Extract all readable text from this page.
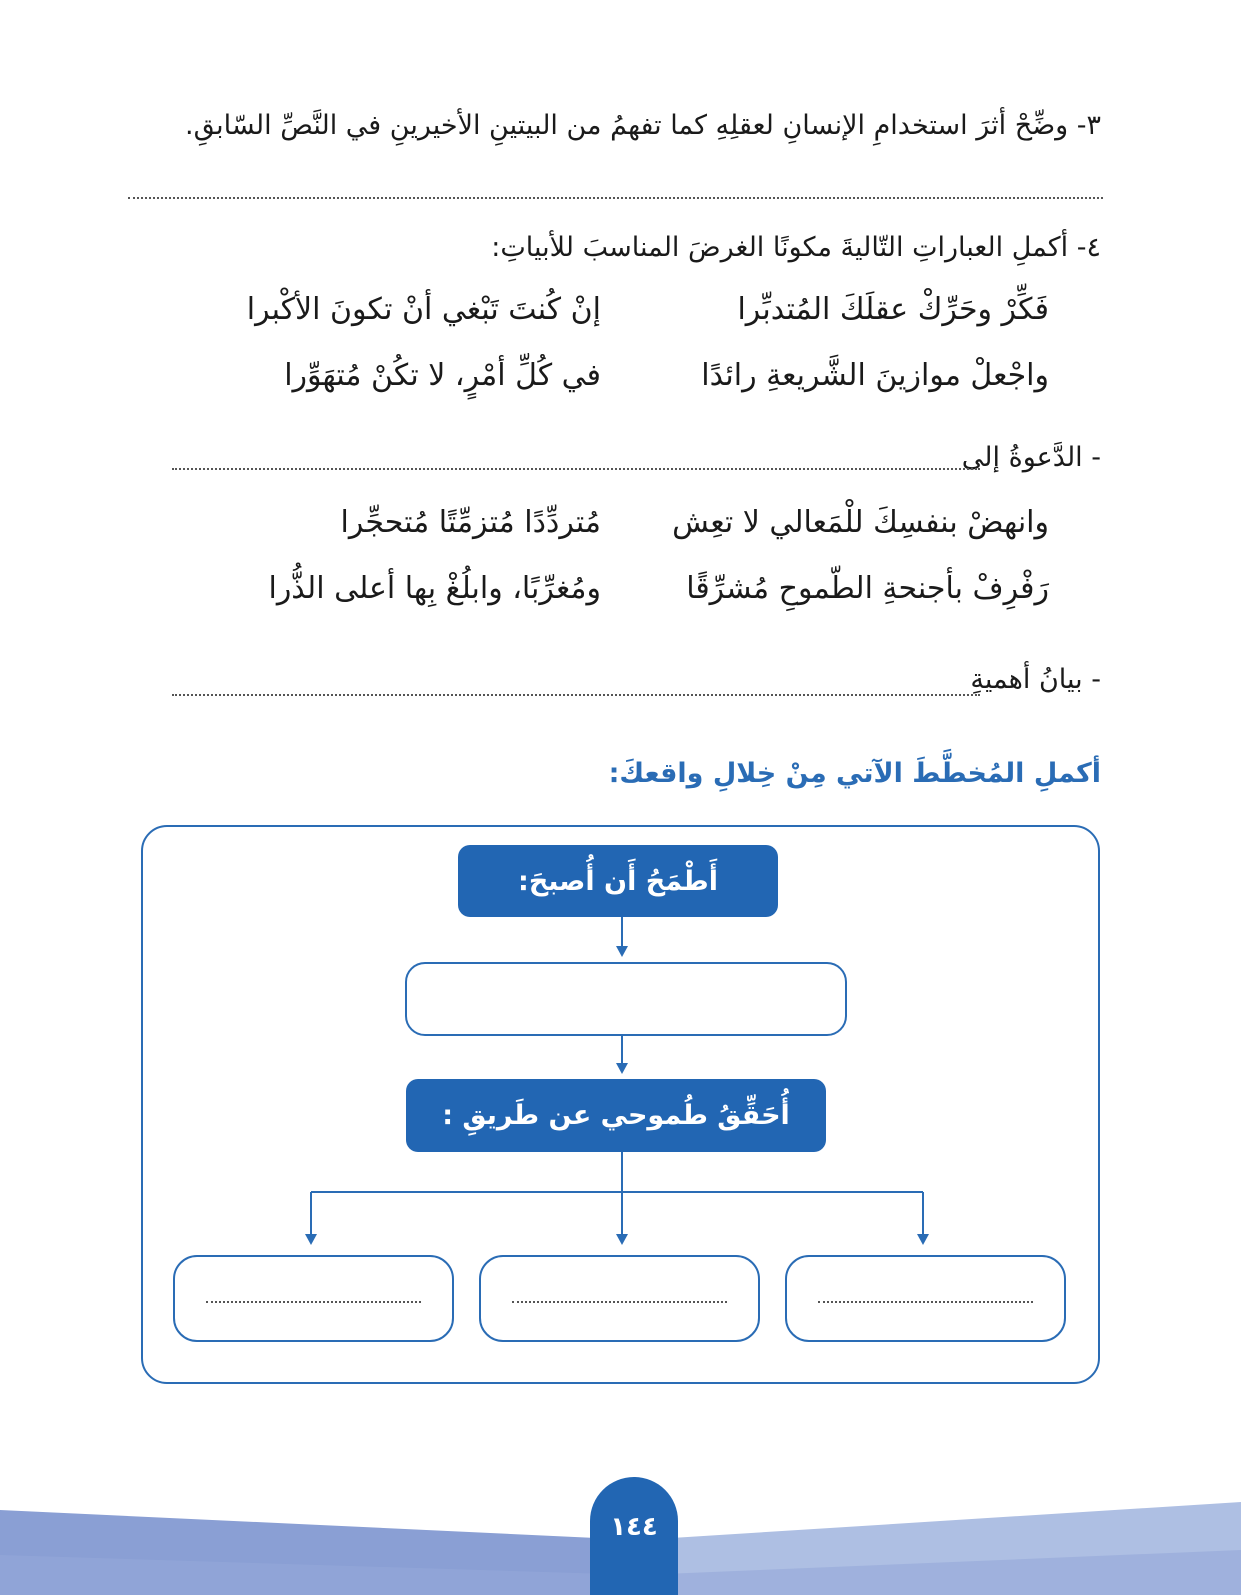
٣- وضِّحْ أثرَ استخدامِ الإنسانِ لعقلِهِ كما تفهمُ من البيتينِ الأخيرينِ في النَّصِّ السّابقِ.
٤- أكملِ العباراتِ التّاليةَ مكونًا الغرضَ المناسبَ للأبياتِ:
فَكِّرْ وحَرِّكْ عقلَكَ المُتدبِّرا
إنْ كُنتَ تَبْغي أنْ تكونَ الأكْبرا
واجْعلْ موازينَ الشَّريعةِ رائدًا
في كُلِّ أمْرٍ، لا تكُنْ مُتهَوِّرا
- الدَّعوةُ إلى
وانهضْ بنفسِكَ للْمَعالي لا تعِش
مُتردِّدًا مُتزمِّتًا مُتحجِّرا
رَفْرِفْ بأجنحةِ الطّموحِ مُشرِّقًا
ومُغرِّبًا، وابلُغْ بِها أعلى الذُّرا
- بيانُ أهميةِ
أكملِ المُخطَّطَ الآتي مِنْ خِلالِ واقعكَ:
أَطْمَحُ أَن أُصبحَ:
أُحَقِّقُ طُموحي عن طَريقِ :
١٤٤
